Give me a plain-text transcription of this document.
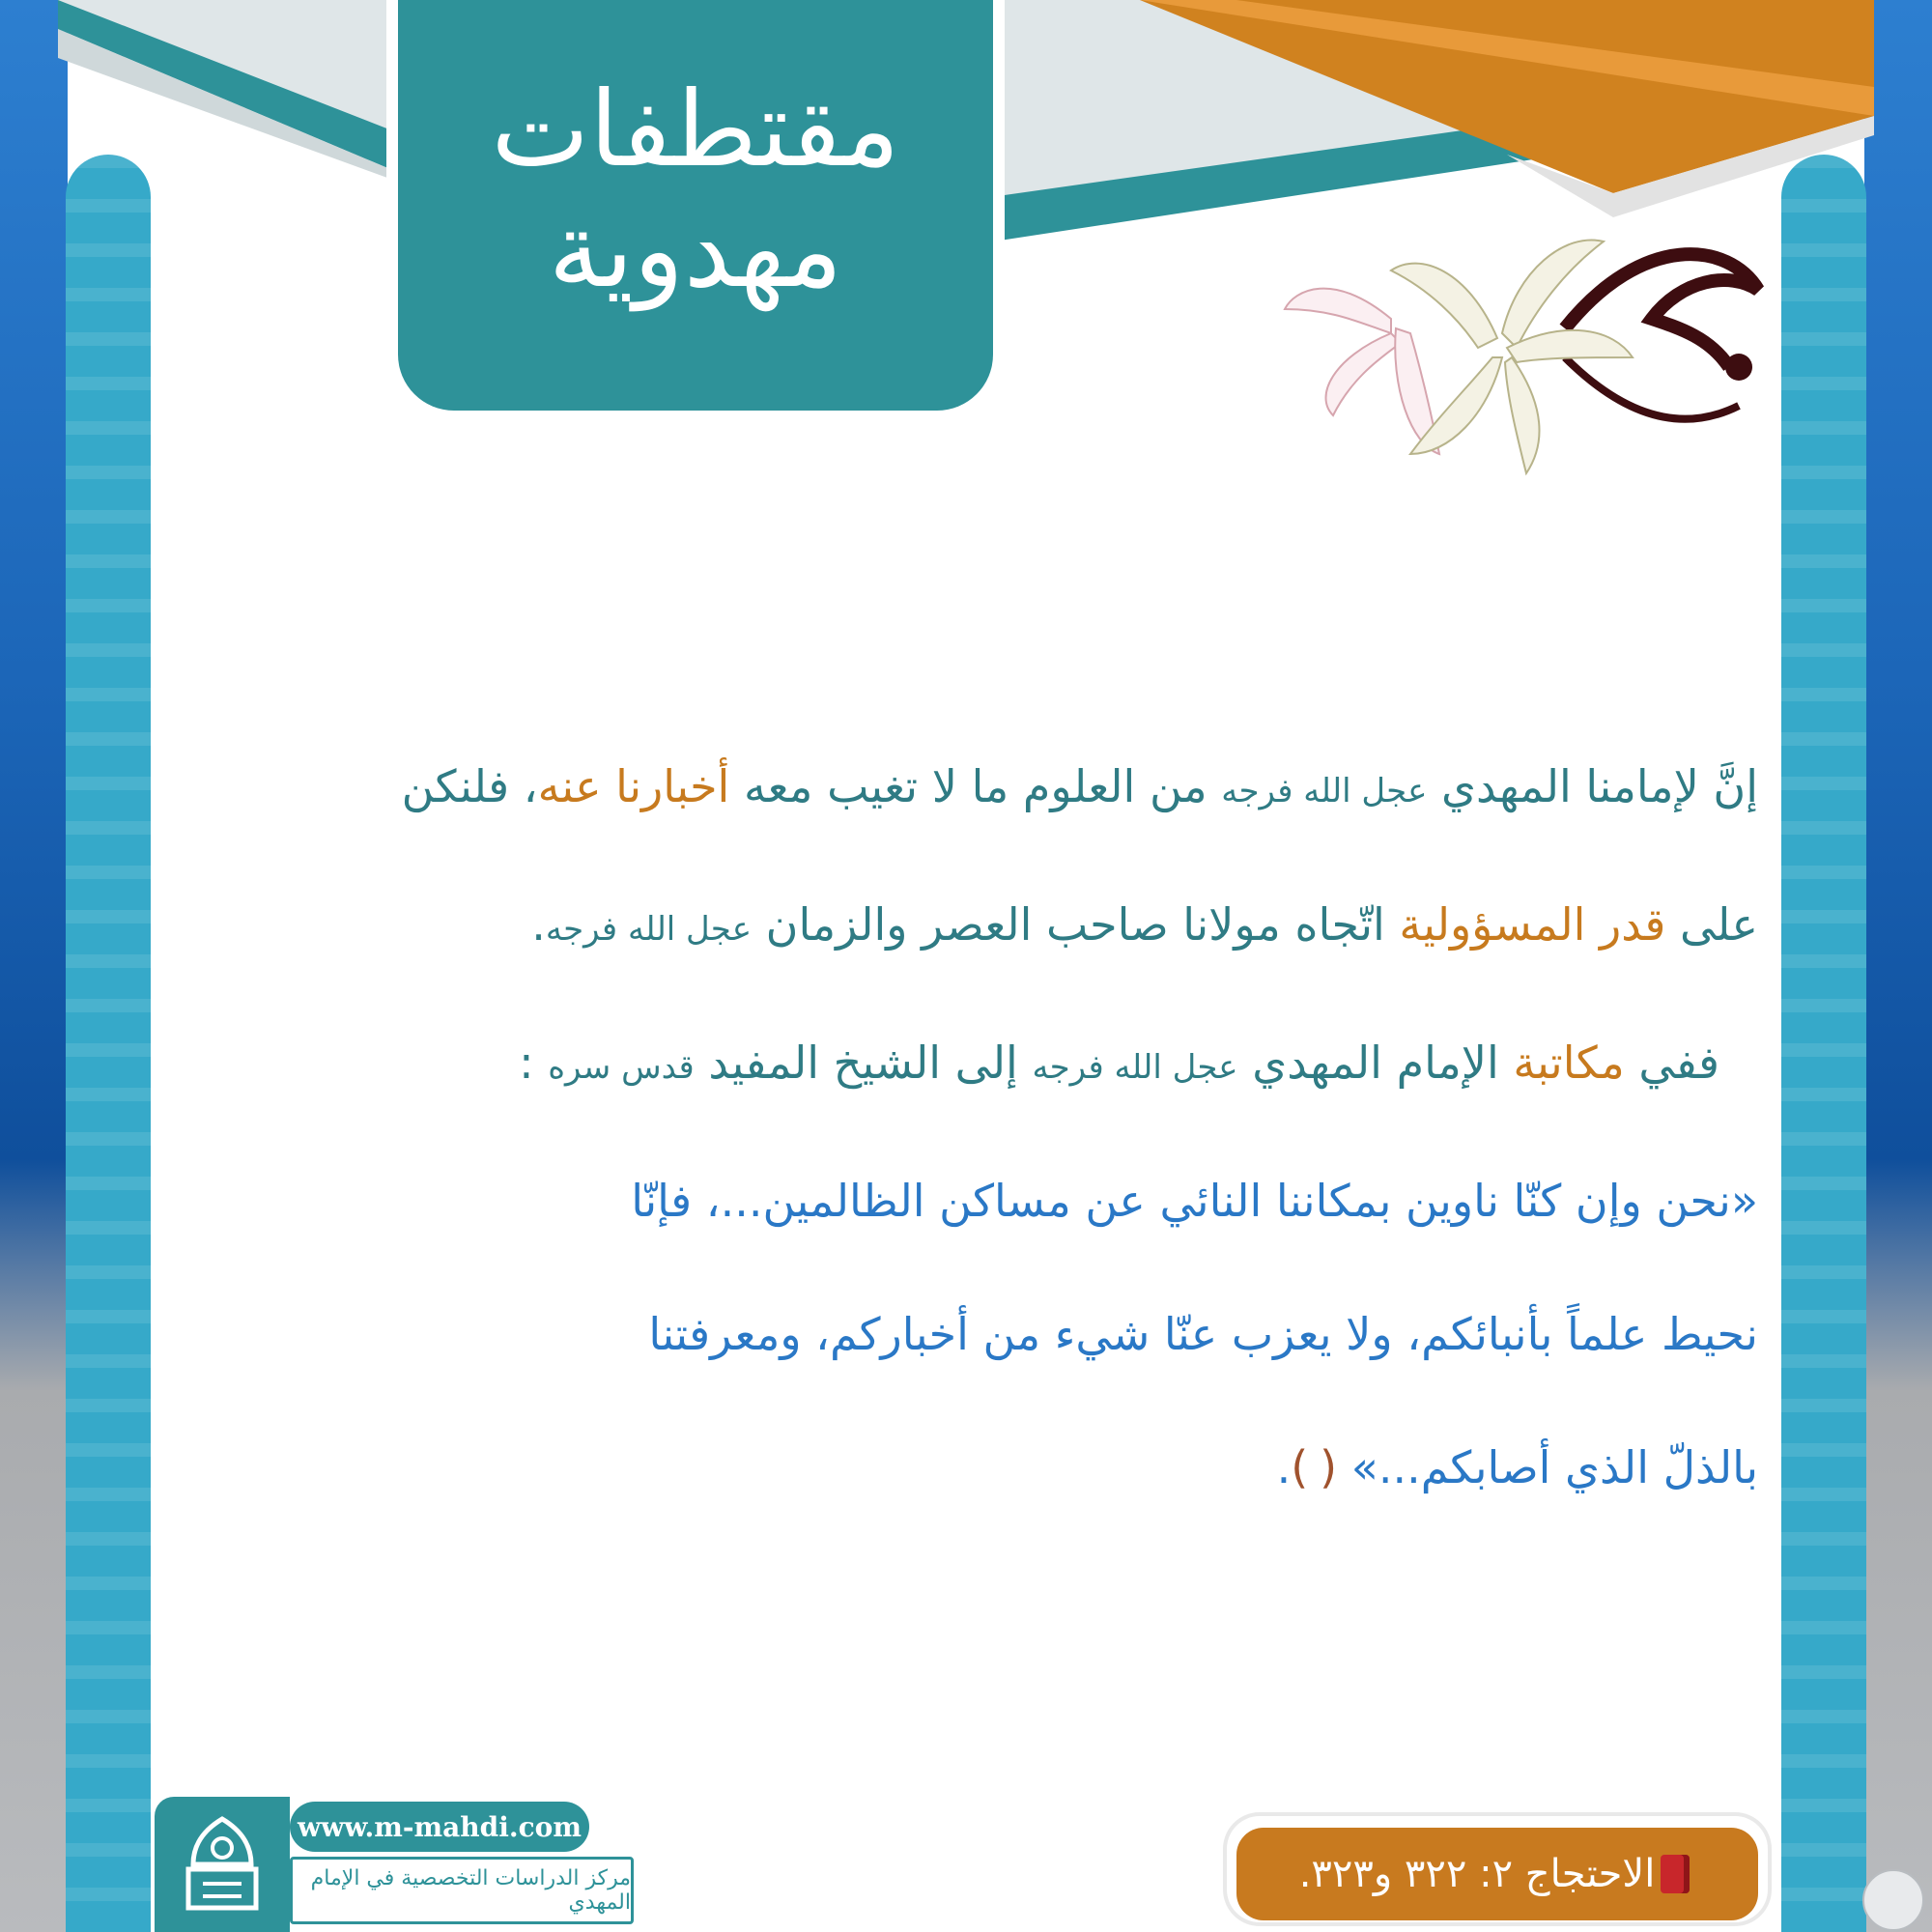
مقتطفات مهدوية
إنَّ لإمامنا المهدي عجل الله فرجه من العلوم ما لا تغيب معه أخبارنا عنه، فلنكن
على قدر المسؤولية اتّجاه مولانا صاحب العصر والزمان عجل الله فرجه.
ففي مكاتبة الإمام المهدي عجل الله فرجه إلى الشيخ المفيد قدس سره :
«نحن وإن كنّا ناوين بمكاننا النائي عن مساكن الظالمين...، فإنّا
نحيط علماً بأنبائكم، ولا يعزب عنّا شيء من أخباركم، ومعرفتنا
بالذلّ الذي أصابكم...» ().
www.m-mahdi.com
مركز الدراسات التخصصية في الإمام المهدي
الاحتجاج ٢: ٣٢٢ و٣٢٣.
